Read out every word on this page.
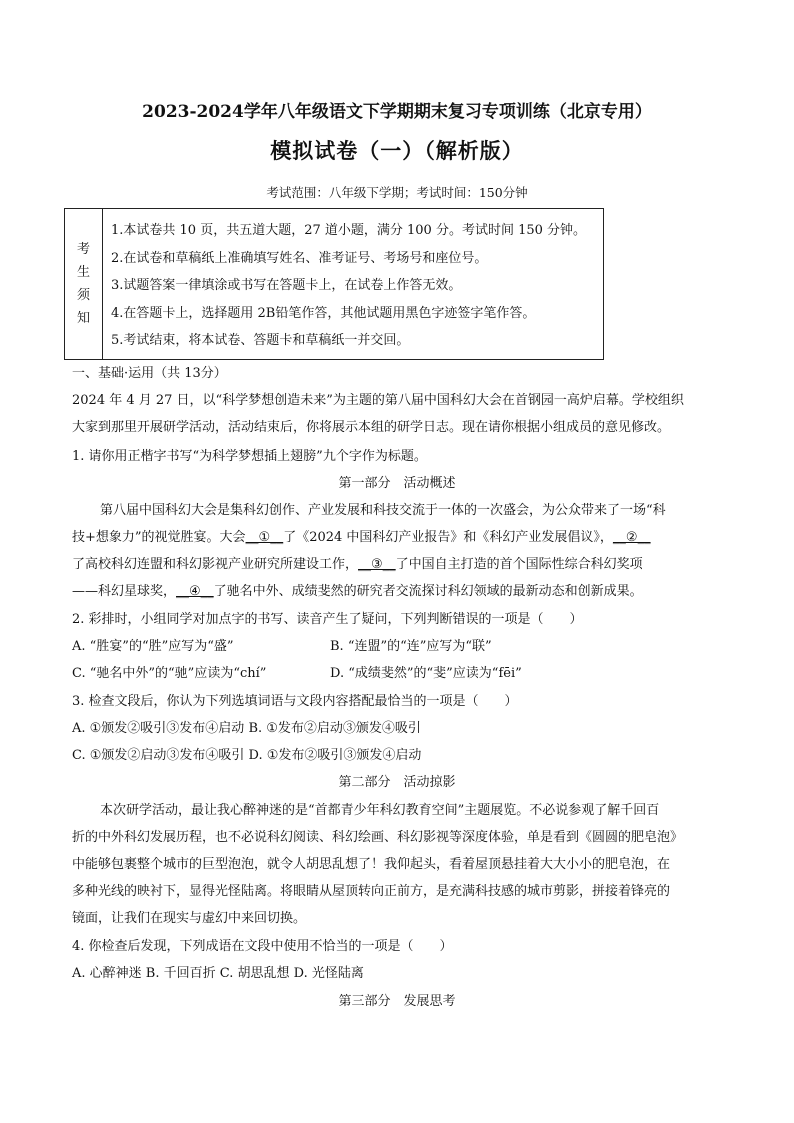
2023-2024学年八年级语文下学期期末复习专项训练（北京专用）
模拟试卷（一）（解析版）
考试范围：八年级下学期；考试时间：150分钟
考
生
须
知
1.本试卷共 10 页，共五道大题，27 道小题，满分 100 分。考试时间 150 分钟。
2.在试卷和草稿纸上准确填写姓名、准考证号、考场号和座位号。
3.试题答案一律填涂或书写在答题卡上，在试卷上作答无效。
4.在答题卡上，选择题用 2B铅笔作答，其他试题用黑色字迹签字笔作答。
5.考试结束，将本试卷、答题卡和草稿纸一并交回。
一、基础·运用（共 13分）
2024 年 4 月 27 日，以“科学梦想创造未来”为主题的第八届中国科幻大会在首钢园一高炉启幕。学校组织
大家到那里开展研学活动，活动结束后，你将展示本组的研学日志。现在请你根据小组成员的意见修改。
1. 请你用正楷字书写“为科学梦想插上翅膀”九个字作为标题。
第一部分　活动概述
第八届中国科幻大会是集科幻创作、产业发展和科技交流于一体的一次盛会，为公众带来了一场“科
技+想象力”的视觉胜宴。大会__①__了《2024 中国科幻产业报告》和《科幻产业发展倡议》，__②__
了高校科幻连盟和科幻影视产业研究所建设工作，__③__了中国自主打造的首个国际性综合科幻奖项
——科幻星球奖，__④__了驰名中外、成绩斐然的研究者交流探讨科幻领域的最新动态和创新成果。
2. 彩排时，小组同学对加点字的书写、读音产生了疑问，下列判断错误的一项是（　　）
A. “胜宴”的“胜”应写为“盛”	B. “连盟”的“连”应写为“联”
C. “驰名中外”的“驰”应读为“chí”	D. “成绩斐然”的“斐”应读为“fēi”
3. 检查文段后，你认为下列选填词语与文段内容搭配最恰当的一项是（　　）
A. ①颁发②吸引③发布④启动 B. ①发布②启动③颁发④吸引
C. ①颁发②启动③发布④吸引 D. ①发布②吸引③颁发④启动
第二部分　活动掠影
本次研学活动，最让我心醉神迷的是“首都青少年科幻教育空间”主题展览。不必说参观了解千回百
折的中外科幻发展历程，也不必说科幻阅读、科幻绘画、科幻影视等深度体验，单是看到《圆圆的肥皂泡》
中能够包裹整个城市的巨型泡泡，就令人胡思乱想了！我仰起头，看着屋顶悬挂着大大小小的肥皂泡，在
多种光线的映衬下，显得光怪陆离。将眼睛从屋顶转向正前方，是充满科技感的城市剪影，拼接着锋亮的
镜面，让我们在现实与虚幻中来回切换。
4. 你检查后发现，下列成语在文段中使用不恰当的一项是（　　）
A. 心醉神迷 B. 千回百折 C. 胡思乱想 D. 光怪陆离
第三部分　发展思考
